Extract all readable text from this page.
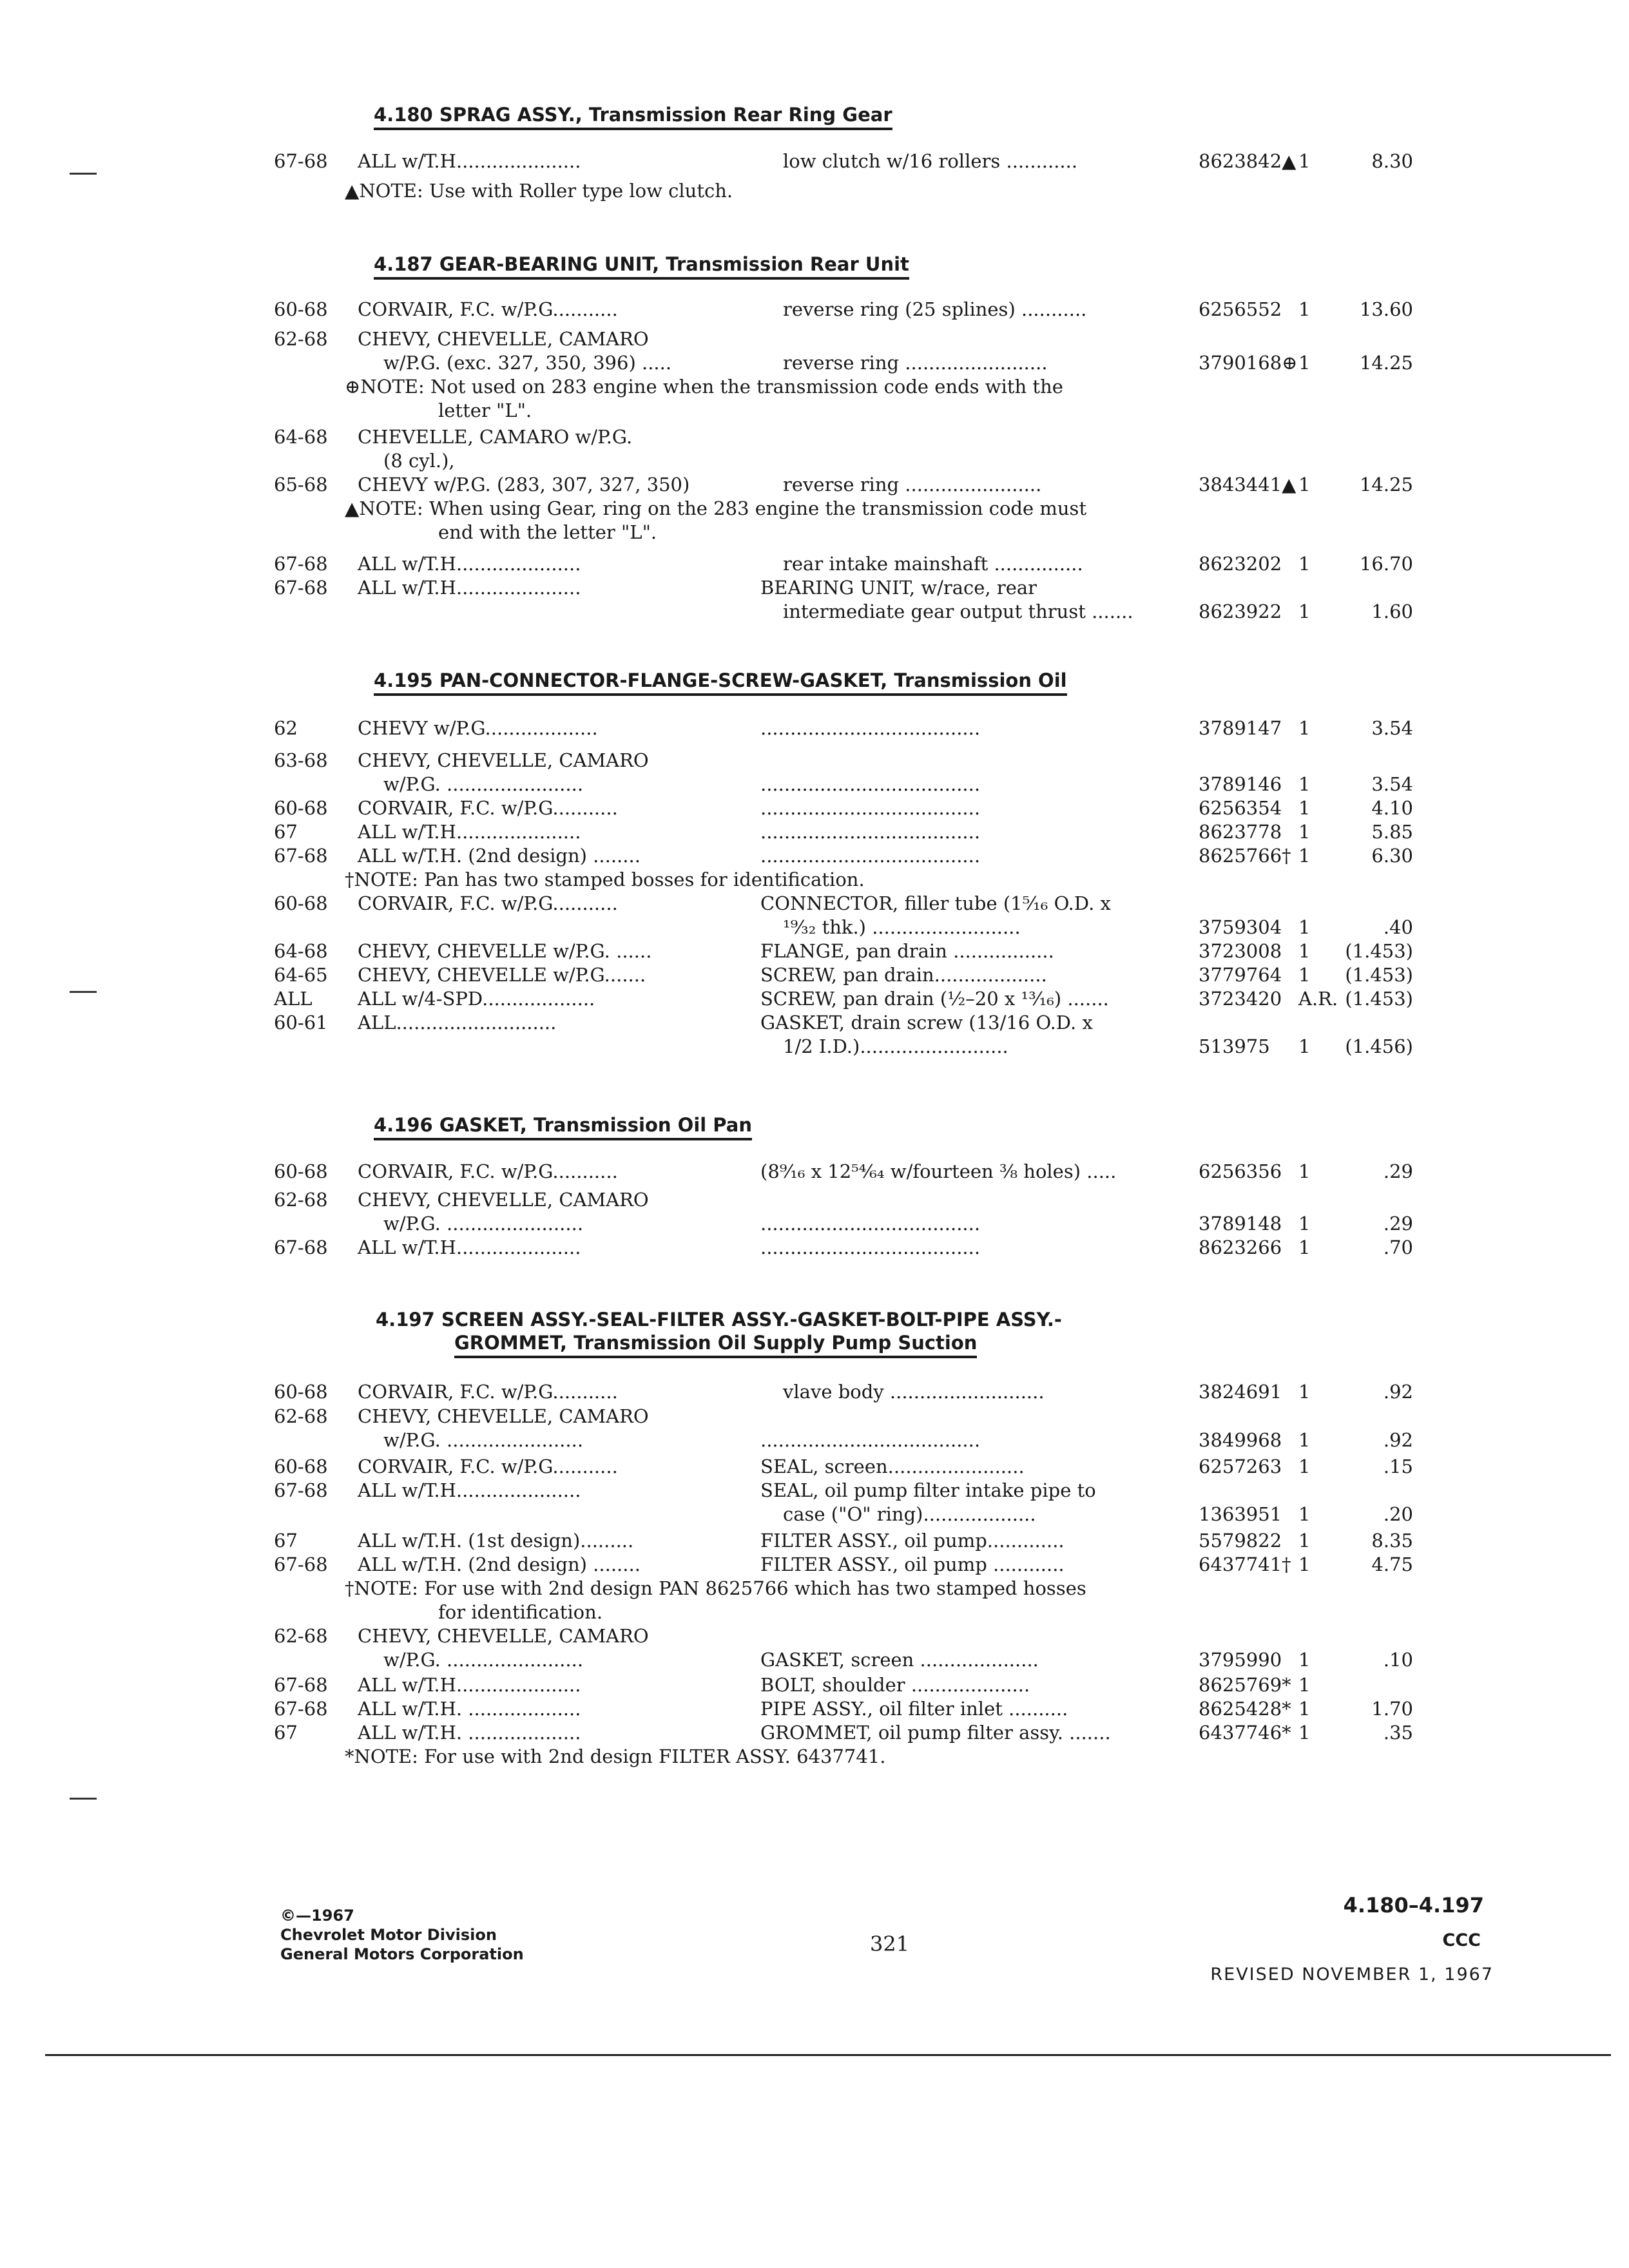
4.180 SPRAG ASSY., Transmission Rear Ring Gear
67-68 ALL w/T.H.....................	low clutch w/16 rollers ............	8623842▲ 1	8.30
▲NOTE: Use with Roller type low clutch.
4.187 GEAR-BEARING UNIT, Transmission Rear Unit
60-68 CORVAIR, F.C. w/P.G...........	reverse ring (25 splines) ...........	6256552 1	13.60
62-68 CHEVY, CHEVELLE, CAMARO
w/P.G. (exc. 327, 350, 396) .....	reverse ring ........................	3790168⊕ 1	14.25
⊕NOTE: Not used on 283 engine when the transmission code ends with the
letter "L".
64-68 CHEVELLE, CAMARO w/P.G.
(8 cyl.),
65-68 CHEVY w/P.G. (283, 307, 327, 350)	reverse ring .......................	3843441▲ 1	14.25
▲NOTE: When using Gear, ring on the 283 engine the transmission code must
end with the letter "L".
67-68 ALL w/T.H.....................	rear intake mainshaft ...............	8623202 1	16.70
67-68 ALL w/T.H.....................	BEARING UNIT, w/race, rear
intermediate gear output thrust .......	8623922 1	1.60
4.195 PAN-CONNECTOR-FLANGE-SCREW-GASKET, Transmission Oil
62	CHEVY w/P.G...................	.....................................	3789147 1	3.54
63-68 CHEVY, CHEVELLE, CAMARO
w/P.G. .......................	.....................................	3789146 1	3.54
60-68 CORVAIR, F.C. w/P.G...........	.....................................	6256354 1	4.10
67	ALL w/T.H.....................	.....................................	8623778 1	5.85
67-68 ALL w/T.H. (2nd design) ........	.....................................	8625766† 1	6.30
†NOTE: Pan has two stamped bosses for identification.
60-68 CORVAIR, F.C. w/P.G...........	CONNECTOR, filler tube (1⁵⁄₁₆ O.D. x
¹⁹⁄₃₂ thk.) .........................	3759304 1	.40
64-68 CHEVY, CHEVELLE w/P.G. ......	FLANGE, pan drain .................	3723008 1 (1.453)
64-65 CHEVY, CHEVELLE w/P.G.......	SCREW, pan drain...................	3779764 1 (1.453)
ALL ALL w/4-SPD...................	SCREW, pan drain (½–20 x ¹³⁄₁₆) .......	3723420 A.R. (1.453)
60-61 ALL...........................	GASKET, drain screw (13/16 O.D. x
1/2 I.D.).........................	513975 1 (1.456)
4.196 GASKET, Transmission Oil Pan
60-68 CORVAIR, F.C. w/P.G...........	(8⁹⁄₁₆ x 12⁵⁴⁄₆₄ w/fourteen ⅜ holes) .....	6256356 1	.29
62-68 CHEVY, CHEVELLE, CAMARO
w/P.G. .......................	.....................................	3789148 1	.29
67-68 ALL w/T.H.....................	.....................................	8623266 1	.70
4.197 SCREEN ASSY.-SEAL-FILTER ASSY.-GASKET-BOLT-PIPE ASSY.-
GROMMET, Transmission Oil Supply Pump Suction
60-68 CORVAIR, F.C. w/P.G...........	vlave body ..........................	3824691 1	.92
62-68 CHEVY, CHEVELLE, CAMARO
w/P.G. .......................	.....................................	3849968 1	.92
60-68 CORVAIR, F.C. w/P.G...........	SEAL, screen.......................	6257263 1	.15
67-68 ALL w/T.H.....................	SEAL, oil pump filter intake pipe to
case ("O" ring)...................	1363951 1	.20
67	ALL w/T.H. (1st design).........	FILTER ASSY., oil pump.............	5579822 1	8.35
67-68 ALL w/T.H. (2nd design) ........	FILTER ASSY., oil pump ............	6437741† 1	4.75
†NOTE: For use with 2nd design PAN 8625766 which has two stamped hosses
for identification.
62-68 CHEVY, CHEVELLE, CAMARO
w/P.G. .......................	GASKET, screen ....................	3795990 1	.10
67-68 ALL w/T.H.....................	BOLT, shoulder ....................	8625769* 1
67-68 ALL w/T.H. ...................	PIPE ASSY., oil filter inlet ..........	8625428* 1	1.70
67	ALL w/T.H. ...................	GROMMET, oil pump filter assy. .......	6437746* 1	.35
*NOTE: For use with 2nd design FILTER ASSY. 6437741.
©—1967
Chevrolet Motor Division
General Motors Corporation	321
4.180–4.197
CCC
REVISED NOVEMBER 1, 1967
